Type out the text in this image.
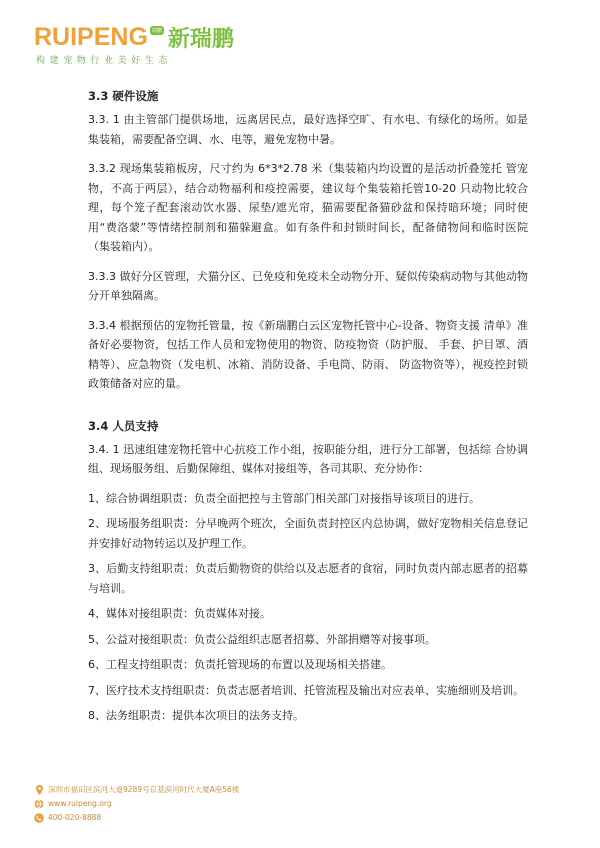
RUIPENG 瑞鹏 新瑞鹏
构建宠物行业美好生态
3.3 硬件设施

3.3. 1 由主管部门提供场地，远离居民点，最好选择空旷、有水电、有绿化的场所。如是集装箱，需要配备空调、水、电等，避免宠物中暑。

3.3.2 现场集装箱板房，尺寸约为 6*3*2.78 米（集装箱内均设置的是活动折叠笼托 管宠物，不高于两层），结合动物福利和疫控需要，建议每个集装箱托管10-20 只动物比较合理，每个笼子配套滚动饮水器、尿垫/遮光帘，猫需要配备猫砂盆和保持暗环境；同时使用“费洛蒙”等情绪控制剂和猫躲避盒。如有条件和封锁时间长，配备储物间和临时医院（集装箱内）。

3.3.3 做好分区管理，犬猫分区、已免疫和免疫未全动物分开、疑似传染病动物与其他动物分开单独隔离。

3.3.4 根据预估的宠物托管量，按《新瑞鹏白云区宠物托管中心-设备、物资支援 清单》准备好必要物资，包括工作人员和宠物使用的物资、防疫物资（防护服、 手套、护目罩、酒精等）、应急物资（发电机、冰箱、消防设备、手电筒、防雨、 防盗物资等），视疫控封锁政策储备对应的量。

3.4 人员支持

3.4. 1 迅速组建宠物托管中心抗疫工作小组，按职能分组，进行分工部署，包括综 合协调组、现场服务组、后勤保障组、媒体对接组等，各司其职、充分协作：

1、综合协调组职责：负责全面把控与主管部门相关部门对接指导该项目的进行。

2、现场服务组职责：分早晚两个班次，全面负责封控区内总协调，做好宠物相关信息登记 并安排好动物转运以及护理工作。

3、后勤支持组职责：负责后勤物资的供给以及志愿者的食宿，同时负责内部志愿者的招募与培训。

4、媒体对接组职责：负责媒体对接。

5、公益对接组职责：负责公益组织志愿者招募、外部捐赠等对接事项。

6、工程支持组职责：负责托管现场的布置以及现场相关搭建。

7、医疗技术支持组职责：负责志愿者培训、托管流程及输出对应表单、实施细则及培训。

8、法务组职责：提供本次项目的法务支持。

深圳市福田区滨河大道9289号京基滨河时代大厦A座56楼
www.ruipeng.org
400-020-8888
